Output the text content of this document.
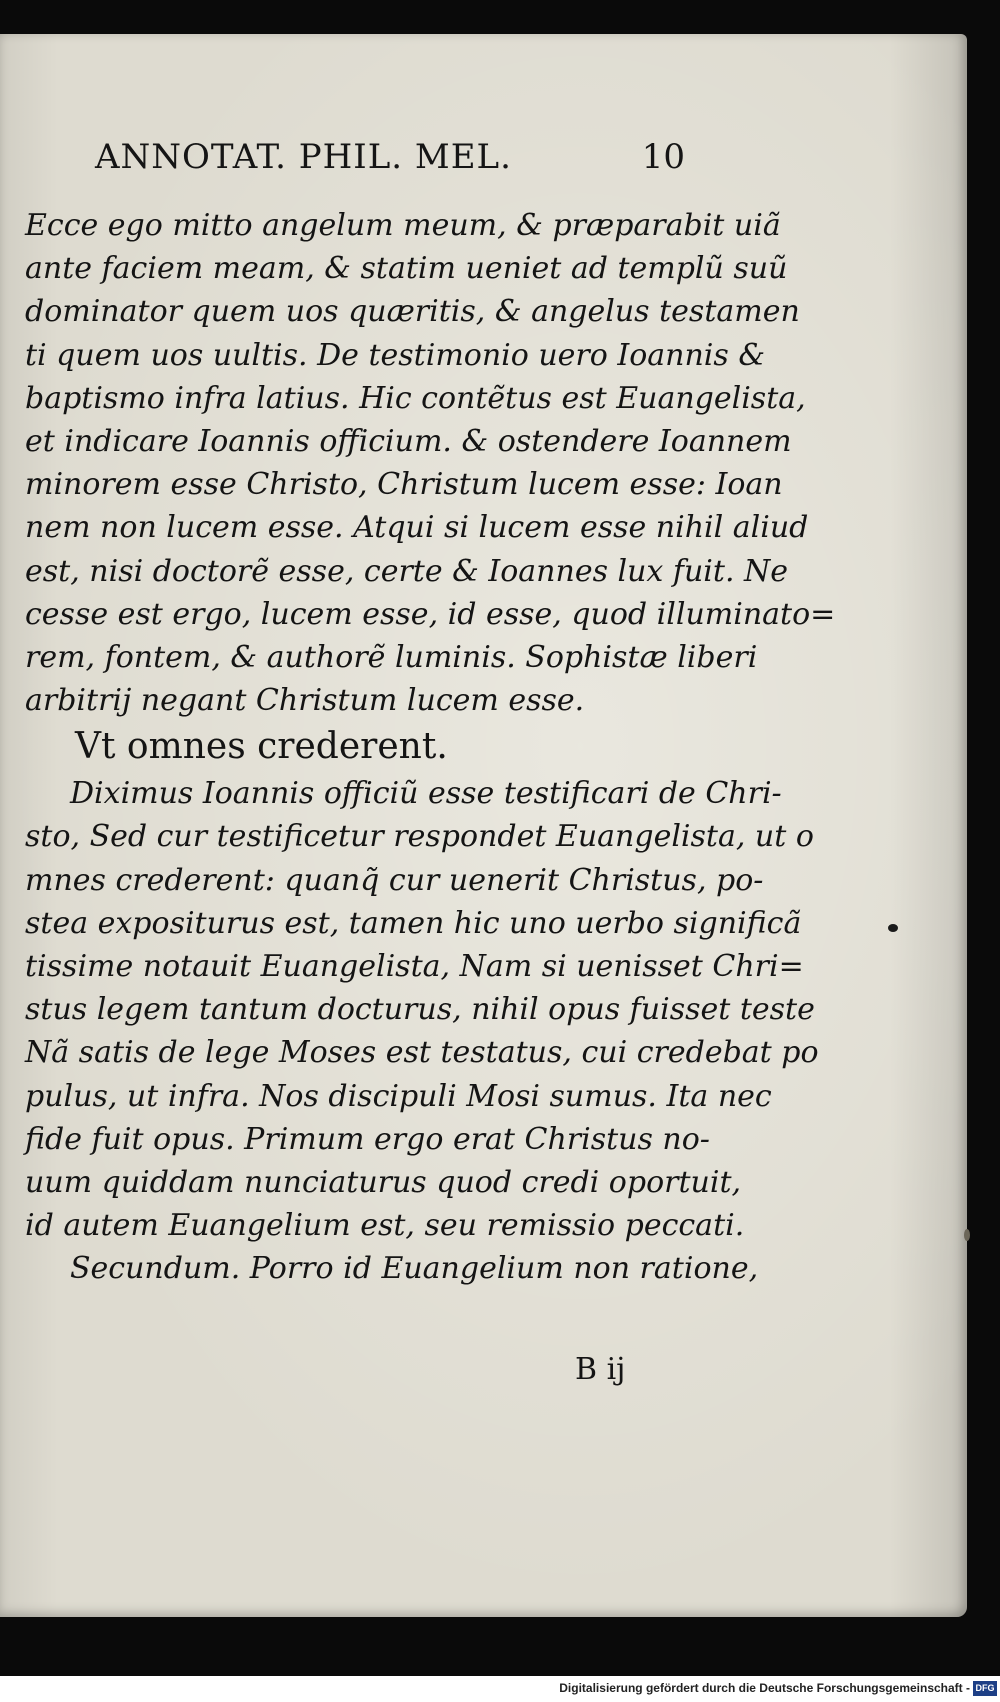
ANNOTAT. PHIL. MEL.	10
Ecce ego mitto angelum meum, & præparabit uiã
ante faciem meam, & statim ueniet ad templũ suũ
dominator quem uos quæritis, & angelus testamen
ti quem uos uultis. De testimonio uero Ioannis &
baptismo infra latius. Hic contẽtus est Euangelista,
et indicare Ioannis officium. & ostendere Ioannem
minorem esse Christo, Christum lucem esse: Ioan
nem non lucem esse. Atqui si lucem esse nihil aliud
est, nisi doctorẽ esse, certe & Ioannes lux fuit. Ne
cesse est ergo, lucem esse, id esse, quod illuminato=
rem, fontem, & authorẽ luminis. Sophistæ liberi
arbitrij negant Christum lucem esse.
Vt omnes crederent.
Diximus Ioannis officiũ esse testificari de Chri-
sto, Sed cur testificetur respondet Euangelista, ut o
mnes crederent: quanq̃ cur uenerit Christus, po-
stea expositurus est, tamen hic uno uerbo significã
tissime notauit Euangelista, Nam si uenisset Chri=
stus legem tantum docturus, nihil opus fuisset teste
Nã satis de lege Moses est testatus, cui credebat po
pulus, ut infra. Nos discipuli Mosi sumus. Ita nec
fide fuit opus. Primum ergo erat Christus no-
uum quiddam nunciaturus quod credi oportuit,
id autem Euangelium est, seu remissio peccati.
Secundum. Porro id Euangelium non ratione,
B ij
Digitalisierung gefördert durch die Deutsche Forschungsgemeinschaft - DFG
